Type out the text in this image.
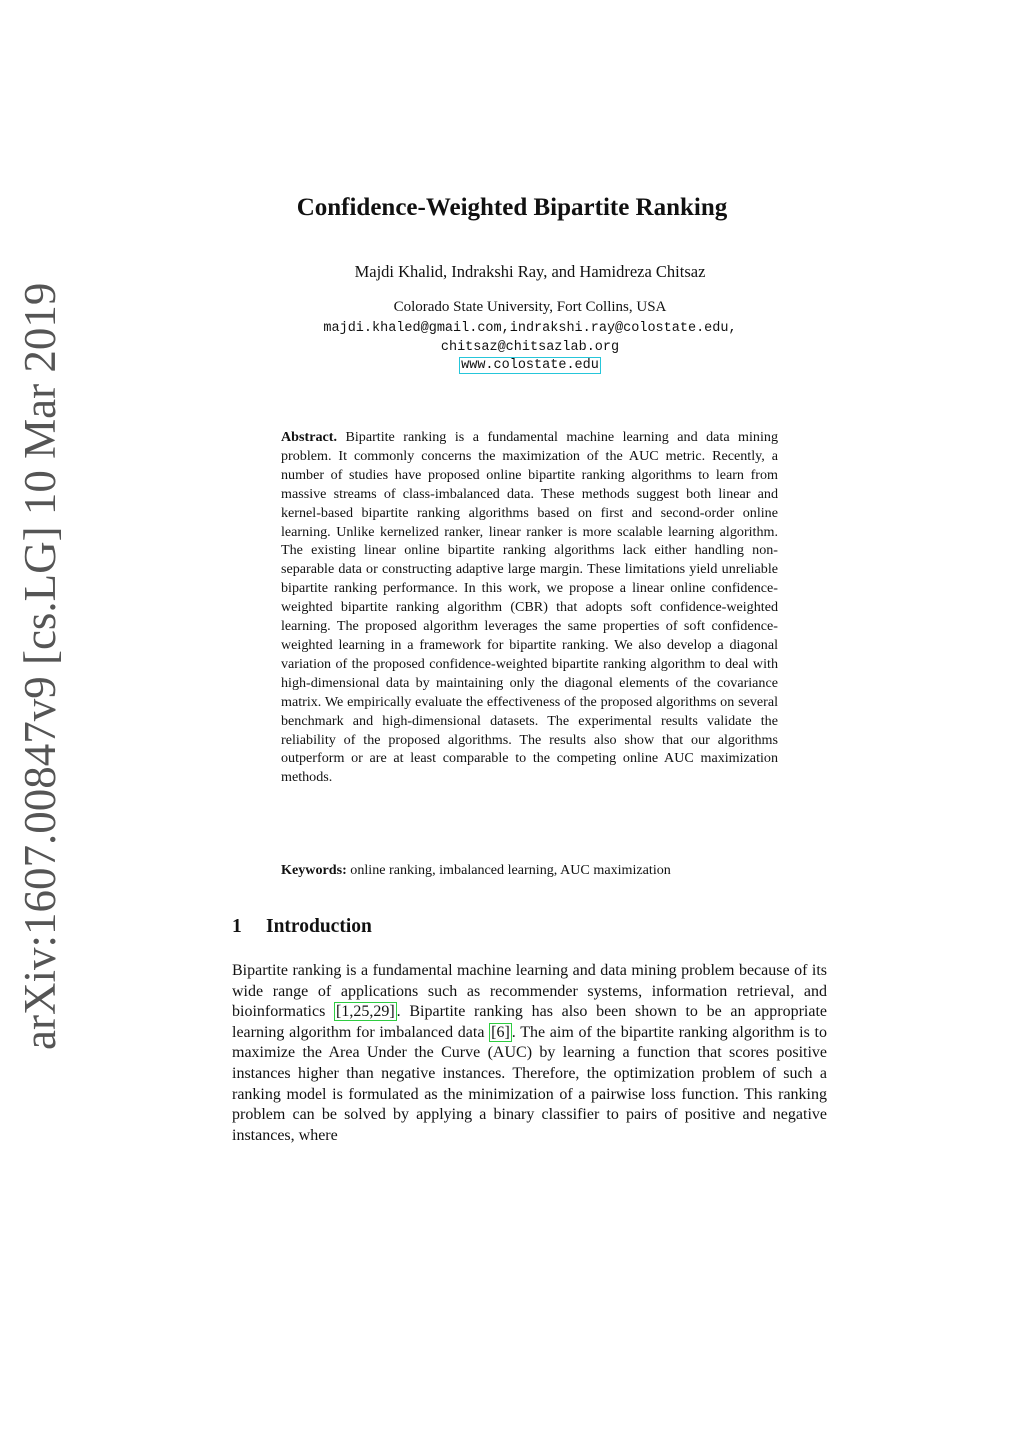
arXiv:1607.00847v9 [cs.LG] 10 Mar 2019
Confidence-Weighted Bipartite Ranking
Majdi Khalid, Indrakshi Ray, and Hamidreza Chitsaz
Colorado State University, Fort Collins, USA
majdi.khaled@gmail.com,indrakshi.ray@colostate.edu,
chitsaz@chitsazlab.org
www.colostate.edu
Abstract. Bipartite ranking is a fundamental machine learning and data mining problem. It commonly concerns the maximization of the AUC metric. Recently, a number of studies have proposed online bipartite ranking algorithms to learn from massive streams of class-imbalanced data. These methods suggest both linear and kernel-based bipartite ranking algorithms based on first and second-order online learning. Unlike kernelized ranker, linear ranker is more scalable learning algorithm. The existing linear online bipartite ranking algorithms lack either handling non-separable data or constructing adaptive large margin. These limitations yield unreliable bipartite ranking performance. In this work, we propose a linear online confidence-weighted bipartite ranking algorithm (CBR) that adopts soft confidence-weighted learning. The proposed algorithm leverages the same properties of soft confidence-weighted learning in a framework for bipartite ranking. We also develop a diagonal variation of the proposed confidence-weighted bipartite ranking algorithm to deal with high-dimensional data by maintaining only the diagonal elements of the covariance matrix. We empirically evaluate the effectiveness of the proposed algorithms on several benchmark and high-dimensional datasets. The experimental results validate the reliability of the proposed algorithms. The results also show that our algorithms outperform or are at least comparable to the competing online AUC maximization methods.
Keywords: online ranking, imbalanced learning, AUC maximization
1 Introduction
Bipartite ranking is a fundamental machine learning and data mining problem because of its wide range of applications such as recommender systems, information retrieval, and bioinformatics [1,25,29] . Bipartite ranking has also been shown to be an appropriate learning algorithm for imbalanced data [6] . The aim of the bipartite ranking algorithm is to maximize the Area Under the Curve (AUC) by learning a function that scores positive instances higher than negative instances. Therefore, the optimization problem of such a ranking model is formulated as the minimization of a pairwise loss function. This ranking problem can be solved by applying a binary classifier to pairs of positive and negative instances, where
